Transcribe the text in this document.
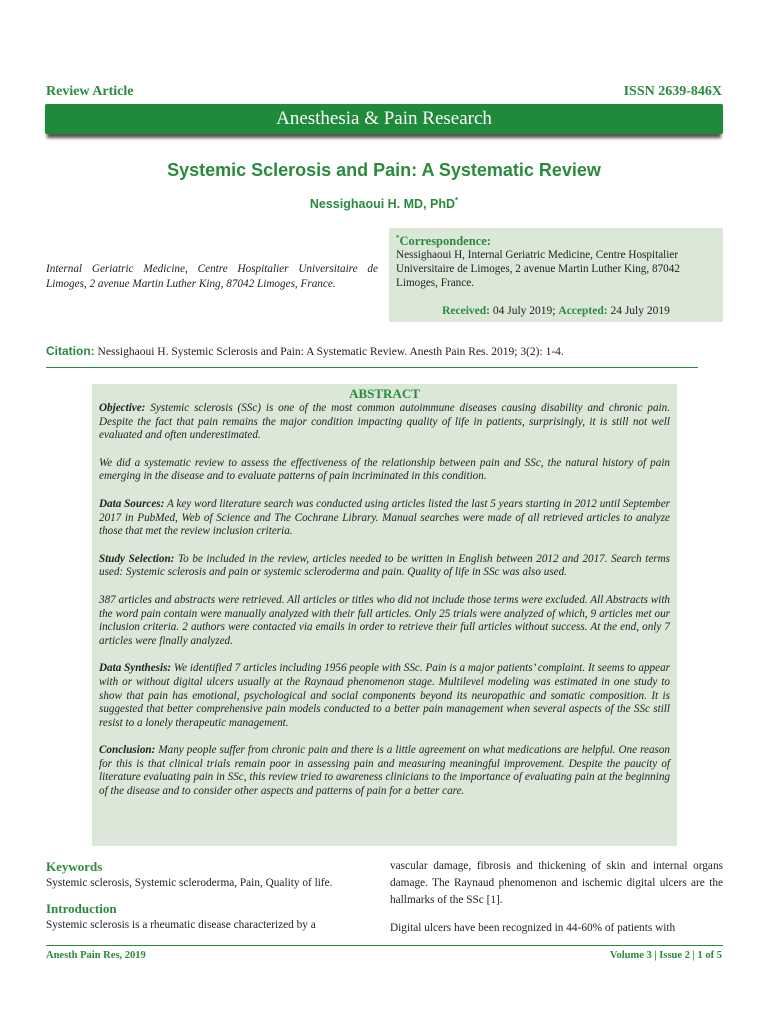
Review Article	ISSN 2639-846X
Anesthesia & Pain Research
Systemic Sclerosis and Pain: A Systematic Review
Nessighaoui H. MD, PhD*
Internal Geriatric Medicine, Centre Hospitalier Universitaire de Limoges, 2 avenue Martin Luther King, 87042 Limoges, France.
*Correspondence:
Nessighaoui H, Internal Geriatric Medicine, Centre Hospitalier Universitaire de Limoges, 2 avenue Martin Luther King, 87042 Limoges, France.
Received: 04 July 2019; Accepted: 24 July 2019
Citation: Nessighaoui H. Systemic Sclerosis and Pain: A Systematic Review. Anesth Pain Res. 2019; 3(2): 1-4.
ABSTRACT

Objective: Systemic sclerosis (SSc) is one of the most common autoimmune diseases causing disability and chronic pain. Despite the fact that pain remains the major condition impacting quality of life in patients, surprisingly, it is still not well evaluated and often underestimated.

We did a systematic review to assess the effectiveness of the relationship between pain and SSc, the natural history of pain emerging in the disease and to evaluate patterns of pain incriminated in this condition.

Data Sources: A key word literature search was conducted using articles listed the last 5 years starting in 2012 until September 2017 in PubMed, Web of Science and The Cochrane Library. Manual searches were made of all retrieved articles to analyze those that met the review inclusion criteria.

Study Selection: To be included in the review, articles needed to be written in English between 2012 and 2017. Search terms used: Systemic sclerosis and pain or systemic scleroderma and pain. Quality of life in SSc was also used.

387 articles and abstracts were retrieved. All articles or titles who did not include those terms were excluded. All Abstracts with the word pain contain were manually analyzed with their full articles. Only 25 trials were analyzed of which, 9 articles met our inclusion criteria. 2 authors were contacted via emails in order to retrieve their full articles without success. At the end, only 7 articles were finally analyzed.

Data Synthesis: We identified 7 articles including 1956 people with SSc. Pain is a major patients’ complaint. It seems to appear with or without digital ulcers usually at the Raynaud phenomenon stage. Multilevel modeling was estimated in one study to show that pain has emotional, psychological and social components beyond its neuropathic and somatic composition. It is suggested that better comprehensive pain models conducted to a better pain management when several aspects of the SSc still resist to a lonely therapeutic management.

Conclusion: Many people suffer from chronic pain and there is a little agreement on what medications are helpful. One reason for this is that clinical trials remain poor in assessing pain and measuring meaningful improvement. Despite the paucity of literature evaluating pain in SSc, this review tried to awareness clinicians to the importance of evaluating pain at the beginning of the disease and to consider other aspects and patterns of pain for a better care.

Keywords
Systemic sclerosis, Systemic scleroderma, Pain, Quality of life.
Introduction
Systemic sclerosis is a rheumatic disease characterized by a

vascular damage, fibrosis and thickening of skin and internal organs damage. The Raynaud phenomenon and ischemic digital ulcers are the hallmarks of the SSc [1].

Digital ulcers have been recognized in 44-60% of patients with

Anesth Pain Res, 2019	Volume 3 | Issue 2 | 1 of 5
